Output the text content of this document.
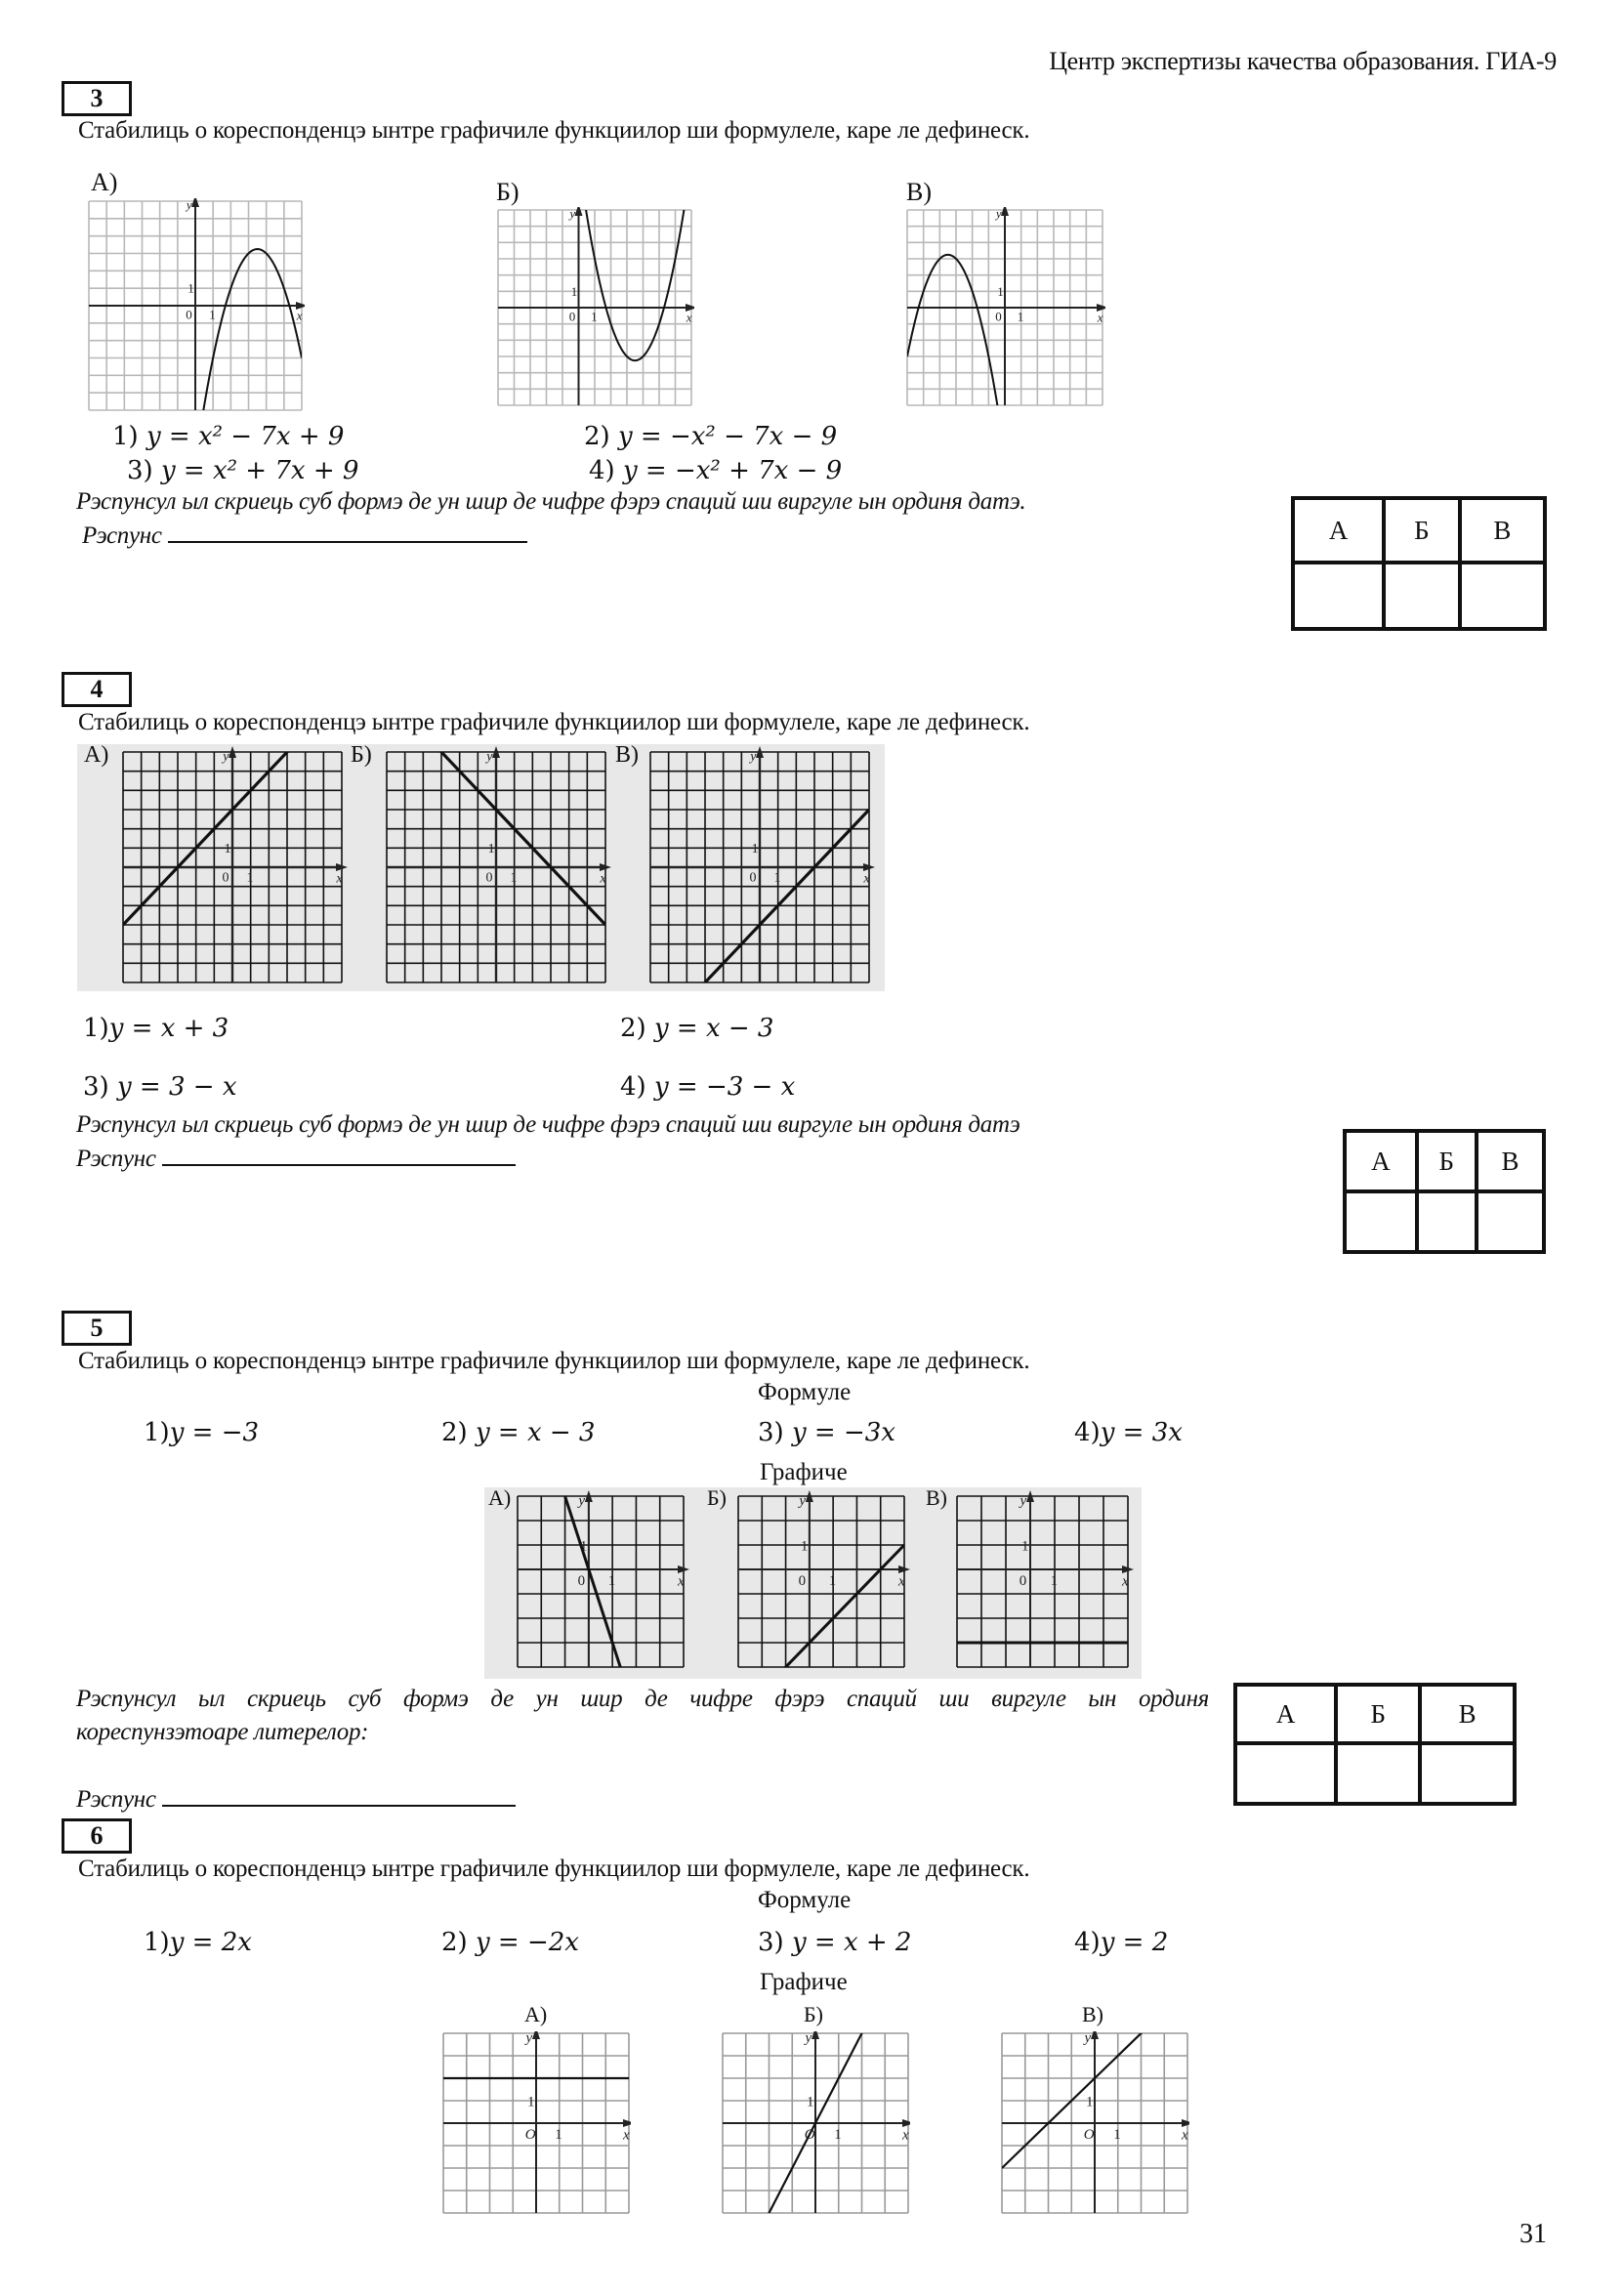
Центр экспертизы качества образования. ГИА-9
3
Стабилиць о кореспонденцэ ынтре графичиле функциилор ши формулеле, каре ле дефинеск.
А)	Б)	В)
y
x
0 1
1
y
x
0 1
1
y
x
0 1
1
1) y = x² − 7x + 9	2) y = −x² − 7x − 9
3) y = x² + 7x + 9	4) y = −x² + 7x − 9
Рэспунсул ыл скриець суб формэ де ун шир де чифре фэрэ спаций ши виргуле ын ординя датэ.
Рэспунс	А	Б	В

4
Стабилиць о кореспонденцэ ынтре графичиле функциилор ши формулеле, каре ле дефинеск.
А)	Б)	В)
y
x
0 1
1
y
x
0 1
1
y
x
0 1
1
1)y = x + 3	2) y = x − 3
3) y = 3 − x	4) y = −3 − x
Рэспунсул ыл скриець суб формэ де ун шир де чифре фэрэ спаций ши виргуле ын ординя датэ
Рэспунс	А	Б	В

5
Стабилиць о кореспонденцэ ынтре графичиле функциилор ши формулеле, каре ле дефинеск.
Формуле
1)y = −3	2) y = x − 3	3) y = −3x	4)y = 3x
Графиче
А)	Б)	В)
y
x
0 1
1
y
x
0 1
1
y
x
0 1
1
Рэспунсул ыл скриець суб формэ де ун шир де чифре фэрэ спаций ши виргуле ын ординя
кореспунзэтоаре литерелор:
Рэспунс
А	Б	В

6
Стабилиць о кореспонденцэ ынтре графичиле функциилор ши формулеле, каре ле дефинеск.
Формуле
1)y = 2x	2) y = −2x	3) y = x + 2	4)y = 2
Графиче
А)	Б)	В)
y
x
O 1
1
y
x
O 1
1
y
x
O 1
1
31
